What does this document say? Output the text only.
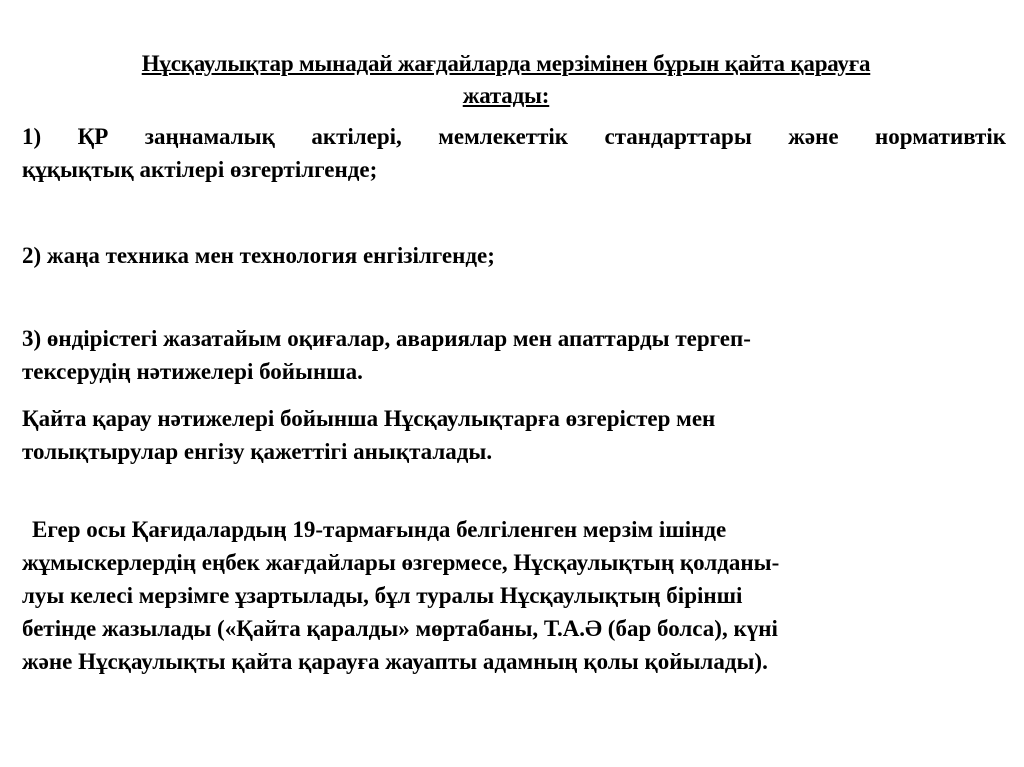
Нұсқаулықтар мынадай жағдайларда мерзімінен бұрын қайта қарауға
жатады:
1) ҚР заңнамалық актілері, мемлекеттік стандарттары және нормативтік
құқықтық актілері өзгертілгенде;
2) жаңа техника мен технология енгізілгенде;
3) өндірістегі жазатайым оқиғалар, авариялар мен апаттарды тергеп-
тексерудің нәтижелері бойынша.
Қайта қарау нәтижелері бойынша Нұсқаулықтарға өзгерістер мен
толықтырулар енгізу қажеттігі анықталады.
Егер осы Қағидалардың 19-тармағында белгіленген мерзім ішінде
жұмыскерлердің еңбек жағдайлары өзгермесе, Нұсқаулықтың қолданы-
луы келесі мерзімге ұзартылады, бұл туралы Нұсқаулықтың бірінші
бетінде жазылады («Қайта қаралды» мөртабаны, Т.А.Ә (бар болса), күні
және Нұсқаулықты қайта қарауға жауапты адамның қолы қойылады).
